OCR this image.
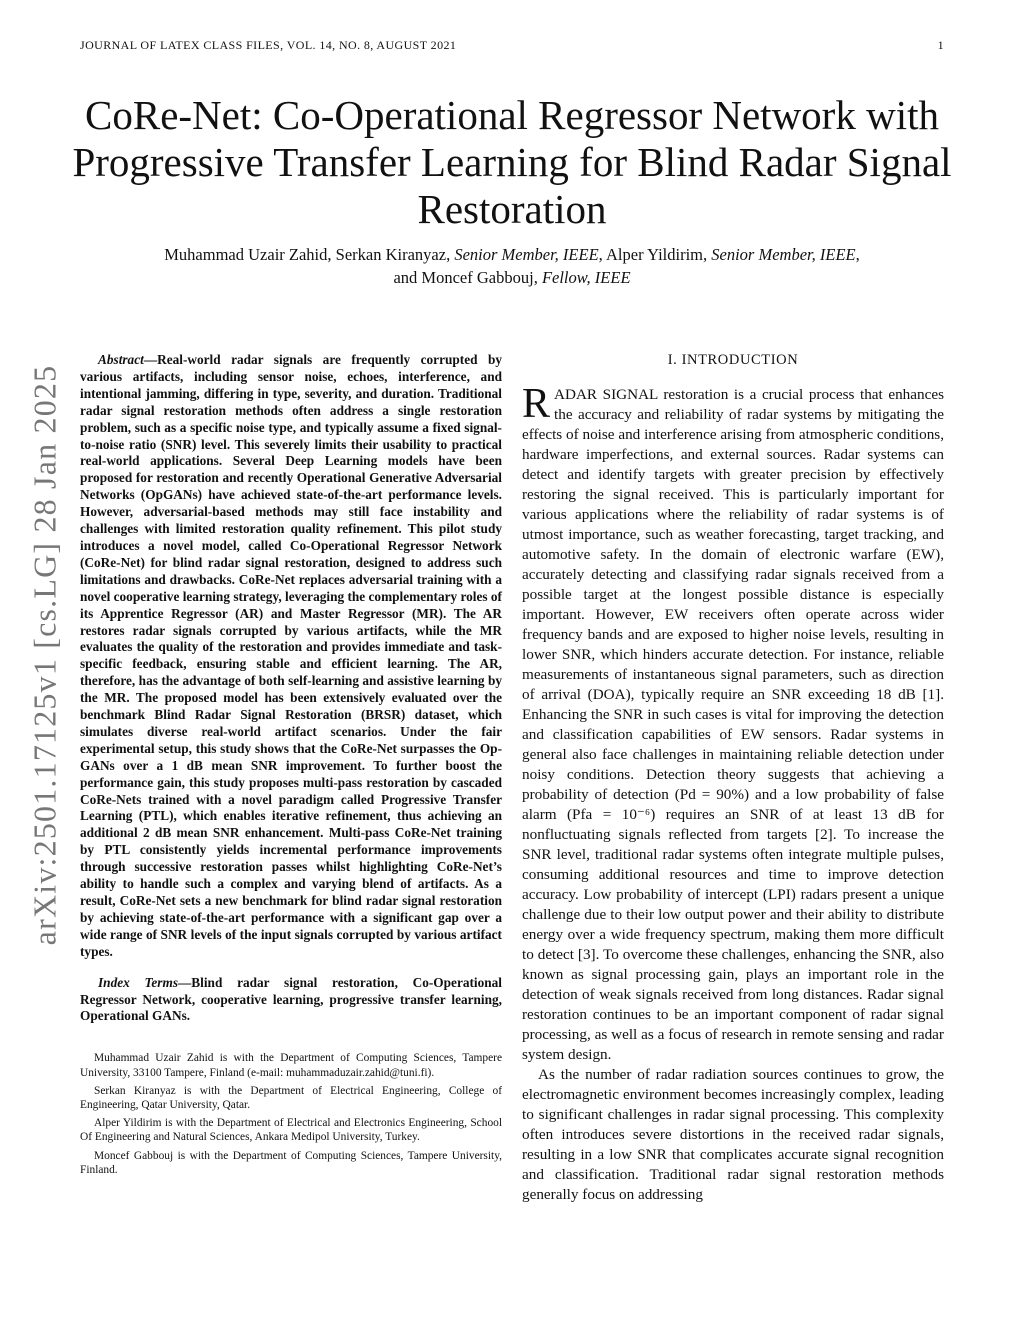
JOURNAL OF LATEX CLASS FILES, VOL. 14, NO. 8, AUGUST 2021	1
arXiv:2501.17125v1 [cs.LG] 28 Jan 2025
CoRe-Net: Co-Operational Regressor Network with Progressive Transfer Learning for Blind Radar Signal Restoration
Muhammad Uzair Zahid, Serkan Kiranyaz, Senior Member, IEEE, Alper Yildirim, Senior Member, IEEE,
and Moncef Gabbouj, Fellow, IEEE

Abstract—Real-world radar signals are frequently corrupted by various artifacts, including sensor noise, echoes, interference, and intentional jamming, differing in type, severity, and duration. Traditional radar signal restoration methods often address a single restoration problem, such as a specific noise type, and typically assume a fixed signal-to-noise ratio (SNR) level. This severely limits their usability to practical real-world applications. Several Deep Learning models have been proposed for restoration and recently Operational Generative Adversarial Networks (OpGANs) have achieved state-of-the-art performance levels. However, adversarial-based methods may still face instability and challenges with limited restoration quality refinement. This pilot study introduces a novel model, called Co-Operational Regressor Network (CoRe-Net) for blind radar signal restoration, designed to address such limitations and drawbacks. CoRe-Net replaces adversarial training with a novel cooperative learning strategy, leveraging the complementary roles of its Apprentice Regressor (AR) and Master Regressor (MR). The AR restores radar signals corrupted by various artifacts, while the MR evaluates the quality of the restoration and provides immediate and task-specific feedback, ensuring stable and efficient learning. The AR, therefore, has the advantage of both self-learning and assistive learning by the MR. The proposed model has been extensively evaluated over the benchmark Blind Radar Signal Restoration (BRSR) dataset, which simulates diverse real-world artifact scenarios. Under the fair experimental setup, this study shows that the CoRe-Net surpasses the Op-GANs over a 1 dB mean SNR improvement. To further boost the performance gain, this study proposes multi-pass restoration by cascaded CoRe-Nets trained with a novel paradigm called Progressive Transfer Learning (PTL), which enables iterative refinement, thus achieving an additional 2 dB mean SNR enhancement. Multi-pass CoRe-Net training by PTL consistently yields incremental performance improvements through successive restoration passes whilst highlighting CoRe-Net’s ability to handle such a complex and varying blend of artifacts. As a result, CoRe-Net sets a new benchmark for blind radar signal restoration by achieving state-of-the-art performance with a significant gap over a wide range of SNR levels of the input signals corrupted by various artifact types.

Index Terms—Blind radar signal restoration, Co-Operational Regressor Network, cooperative learning, progressive transfer learning, Operational GANs.

Muhammad Uzair Zahid is with the Department of Computing Sciences, Tampere University, 33100 Tampere, Finland (e-mail: muhammaduzair.zahid@tuni.fi).

Serkan Kiranyaz is with the Department of Electrical Engineering, College of Engineering, Qatar University, Qatar.

Alper Yildirim is with the Department of Electrical and Electronics Engineering, School Of Engineering and Natural Sciences, Ankara Medipol University, Turkey.

Moncef Gabbouj is with the Department of Computing Sciences, Tampere University, Finland.

I. INTRODUCTION

RADAR SIGNAL restoration is a crucial process that enhances the accuracy and reliability of radar systems by mitigating the effects of noise and interference arising from atmospheric conditions, hardware imperfections, and external sources. Radar systems can detect and identify targets with greater precision by effectively restoring the signal received. This is particularly important for various applications where the reliability of radar systems is of utmost importance, such as weather forecasting, target tracking, and automotive safety. In the domain of electronic warfare (EW), accurately detecting and classifying radar signals received from a possible target at the longest possible distance is especially important. However, EW receivers often operate across wider frequency bands and are exposed to higher noise levels, resulting in lower SNR, which hinders accurate detection. For instance, reliable measurements of instantaneous signal parameters, such as direction of arrival (DOA), typically require an SNR exceeding 18 dB [1]. Enhancing the SNR in such cases is vital for improving the detection and classification capabilities of EW sensors. Radar systems in general also face challenges in maintaining reliable detection under noisy conditions. Detection theory suggests that achieving a probability of detection (Pd = 90%) and a low probability of false alarm (Pfa = 10⁻⁶) requires an SNR of at least 13 dB for nonfluctuating signals reflected from targets [2]. To increase the SNR level, traditional radar systems often integrate multiple pulses, consuming additional resources and time to improve detection accuracy. Low probability of intercept (LPI) radars present a unique challenge due to their low output power and their ability to distribute energy over a wide frequency spectrum, making them more difficult to detect [3]. To overcome these challenges, enhancing the SNR, also known as signal processing gain, plays an important role in the detection of weak signals received from long distances. Radar signal restoration continues to be an important component of radar signal processing, as well as a focus of research in remote sensing and radar system design.

As the number of radar radiation sources continues to grow, the electromagnetic environment becomes increasingly complex, leading to significant challenges in radar signal processing. This complexity often introduces severe distortions in the received radar signals, resulting in a low SNR that complicates accurate signal recognition and classification. Traditional radar signal restoration methods generally focus on addressing
